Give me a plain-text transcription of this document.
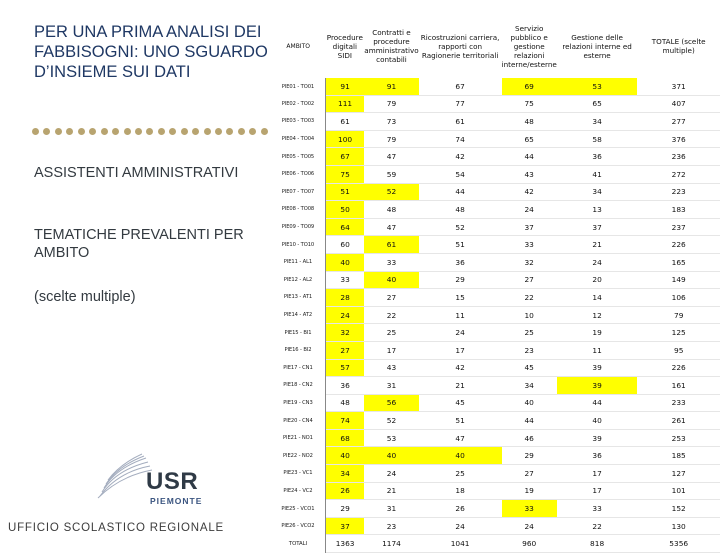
PER UNA PRIMA ANALISI DEI FABBISOGNI: UNO SGUARDO D’INSIEME SUI DATI
ASSISTENTI AMMINISTRATIVI
TEMATICHE PREVALENTI PER AMBITO
(scelte multiple)
USR
PIEMONTE
UFFICIO SCOLASTICO REGIONALE
AMBITO	Procedure digitali SIDI	Contratti e procedure amministrativo contabili	Ricostruzioni carriera, rapporti con Ragionerie territoriali	Servizio pubblico e gestione relazioni interne/esterne	Gestione delle relazioni interne ed esterne	TOTALE (scelte multiple)
PIE01 - TO01	91	91	67	69	53	371
PIE02 - TO02	111	79	77	75	65	407
PIE03 - TO03	61	73	61	48	34	277
PIE04 - TO04	100	79	74	65	58	376
PIE05 - TO05	67	47	42	44	36	236
PIE06 - TO06	75	59	54	43	41	272
PIE07 - TO07	51	52	44	42	34	223
PIE08 - TO08	50	48	48	24	13	183
PIE09 - TO09	64	47	52	37	37	237
PIE10 - TO10	60	61	51	33	21	226
PIE11 - AL1	40	33	36	32	24	165
PIE12 - AL2	33	40	29	27	20	149
PIE13 - AT1	28	27	15	22	14	106
PIE14 - AT2	24	22	11	10	12	79
PIE15 - BI1	32	25	24	25	19	125
PIE16 - BI2	27	17	17	23	11	95
PIE17 - CN1	57	43	42	45	39	226
PIE18 - CN2	36	31	21	34	39	161
PIE19 - CN3	48	56	45	40	44	233
PIE20 - CN4	74	52	51	44	40	261
PIE21 - NO1	68	53	47	46	39	253
PIE22 - NO2	40	40	40	29	36	185
PIE23 - VC1	34	24	25	27	17	127
PIE24 - VC2	26	21	18	19	17	101
PIE25 - VCO1	29	31	26	33	33	152
PIE26 - VCO2	37	23	24	24	22	130
TOTALI	1363	1174	1041	960	818	5356
